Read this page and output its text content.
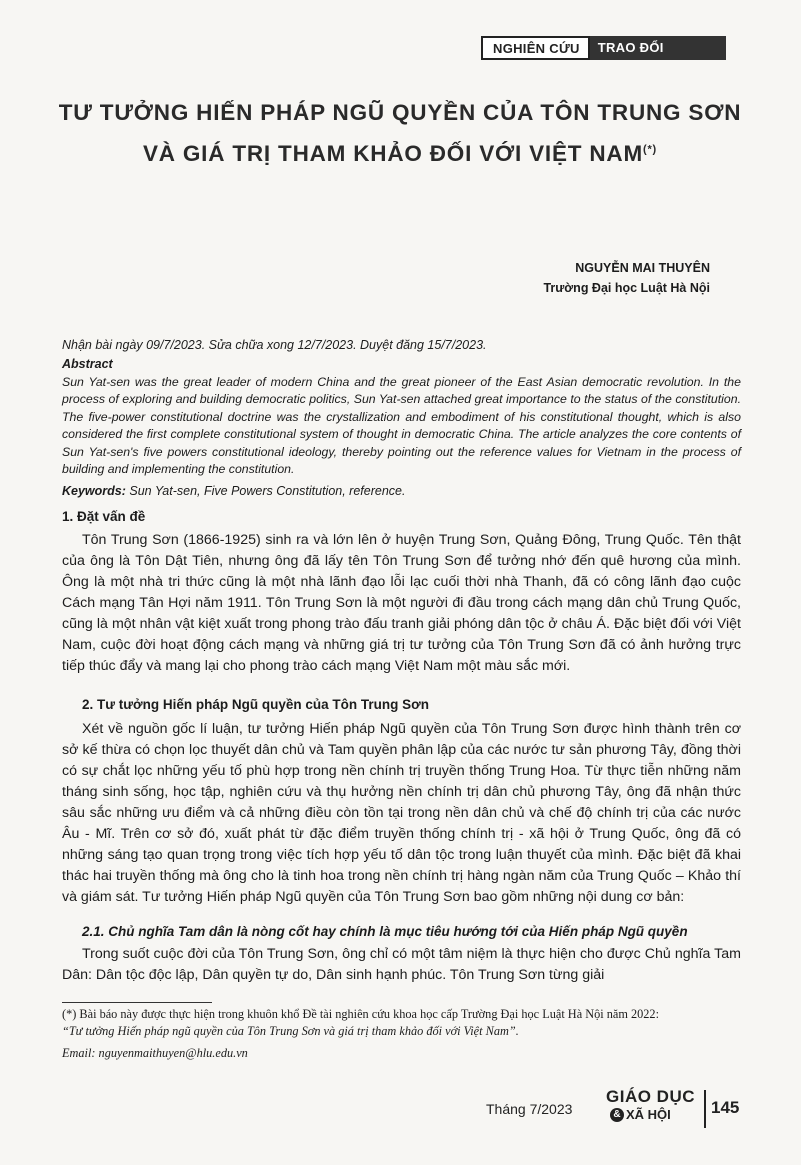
NGHIÊN CỨU	TRAO ĐỔI
TƯ TƯỞNG HIẾN PHÁP NGŨ QUYỀN CỦA TÔN TRUNG SƠN
VÀ GIÁ TRỊ THAM KHẢO ĐỐI VỚI VIỆT NAM(*)
NGUYỄN MAI THUYÊN
Trường Đại học Luật Hà Nội
Nhận bài ngày 09/7/2023. Sửa chữa xong 12/7/2023. Duyệt đăng 15/7/2023.
Abstract
Sun Yat-sen was the great leader of modern China and the great pioneer of the East Asian democratic revolution. In the process of exploring and building democratic politics, Sun Yat-sen attached great importance to the status of the constitution. The five-power constitutional doctrine was the crystallization and embodiment of his constitutional thought, which is also considered the first complete constitutional system of thought in democratic China. The article analyzes the core contents of Sun Yat-sen's five powers constitutional ideology, thereby pointing out the reference values for Vietnam in the process of building and implementing the constitution.
Keywords: Sun Yat-sen, Five Powers Constitution, reference.
1. Đặt vấn đề
Tôn Trung Sơn (1866-1925) sinh ra và lớn lên ở huyện Trung Sơn, Quảng Đông, Trung Quốc. Tên thật của ông là Tôn Dật Tiên, nhưng ông đã lấy tên Tôn Trung Sơn để tưởng nhớ đến quê hương của mình. Ông là một nhà tri thức cũng là một nhà lãnh đạo lỗi lạc cuối thời nhà Thanh, đã có công lãnh đạo cuộc Cách mạng Tân Hợi năm 1911. Tôn Trung Sơn là một người đi đầu trong cách mạng dân chủ Trung Quốc, cũng là một nhân vật kiệt xuất trong phong trào đấu tranh giải phóng dân tộc ở châu Á. Đặc biệt đối với Việt Nam, cuộc đời hoạt động cách mạng và những giá trị tư tưởng của Tôn Trung Sơn đã có ảnh hưởng trực tiếp thúc đẩy và mang lại cho phong trào cách mạng Việt Nam một màu sắc mới.
2. Tư tưởng Hiến pháp Ngũ quyền của Tôn Trung Sơn
Xét về nguồn gốc lí luận, tư tưởng Hiến pháp Ngũ quyền của Tôn Trung Sơn được hình thành trên cơ sở kế thừa có chọn lọc thuyết dân chủ và Tam quyền phân lập của các nước tư sản phương Tây, đồng thời có sự chắt lọc những yếu tố phù hợp trong nền chính trị truyền thống Trung Hoa. Từ thực tiễn những năm tháng sinh sống, học tập, nghiên cứu và thụ hưởng nền chính trị dân chủ phương Tây, ông đã nhận thức sâu sắc những ưu điểm và cả những điều còn tồn tại trong nền dân chủ và chế độ chính trị của các nước Âu - Mĩ. Trên cơ sở đó, xuất phát từ đặc điểm truyền thống chính trị - xã hội ở Trung Quốc, ông đã có những sáng tạo quan trọng trong việc tích hợp yếu tố dân tộc trong luận thuyết của mình. Đặc biệt đã khai thác hai truyền thống mà ông cho là tinh hoa trong nền chính trị hàng ngàn năm của Trung Quốc – Khảo thí và giám sát. Tư tưởng Hiến pháp Ngũ quyền của Tôn Trung Sơn bao gồm những nội dung cơ bản:
2.1. Chủ nghĩa Tam dân là nòng cốt hay chính là mục tiêu hướng tới của Hiến pháp Ngũ quyền
Trong suốt cuộc đời của Tôn Trung Sơn, ông chỉ có một tâm niệm là thực hiện cho được Chủ nghĩa Tam Dân: Dân tộc độc lập, Dân quyền tự do, Dân sinh hạnh phúc. Tôn Trung Sơn từng giải
(*) Bài báo này được thực hiện trong khuôn khổ Đề tài nghiên cứu khoa học cấp Trường Đại học Luật Hà Nội năm 2022:
“Tư tưởng Hiến pháp ngũ quyền của Tôn Trung Sơn và giá trị tham khảo đối với Việt Nam”.
Email: nguyenmaithuyen@hlu.edu.vn
Tháng 7/2023
GIÁO DỤC
& XÃ HỘI 145
